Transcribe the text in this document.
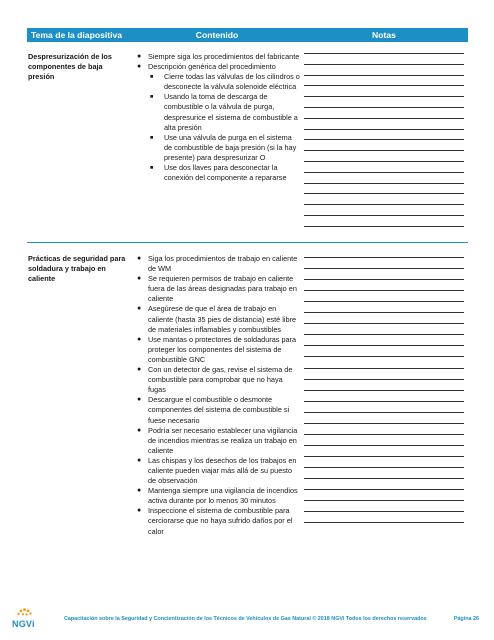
Tema de la diapositiva	Contenido	Notas
Despresurización de los componentes de baja presión
● Siempre siga los procedimientos del fabricante
● Descripción genérica del procedimiento
■ Cierre todas las válvulas de los cilindros o desconecte la válvula solenoide eléctrica
■ Usando la toma de descarga de combustible o la válvula de purga, despresurice el sistema de combustible a alta presión
■ Use una válvula de purga en el sistema de combustible de baja presión (si la hay presente) para despresurizar O
■ Use dos llaves para desconectar la conexión del componente a repararse
Prácticas de seguridad para soldadura y trabajo en caliente
● Siga los procedimientos de trabajo en caliente de WM
● Se requieren permisos de trabajo en caliente fuera de las áreas designadas para trabajo en caliente
● Asegúrese de que el área de trabajo en caliente (hasta 35 pies de distancia) esté libre de materiales inflamables y combustibles
● Use mantas o protectores de soldaduras para proteger los componentes del sistema de combustible GNC
● Con un detector de gas, revise el sistema de combustible para comprobar que no haya fugas
● Descargue el combustible o desmonte componentes del sistema de combustible si fuese necesario
● Podría ser necesario establecer una vigilancia de incendios mientras se realiza un trabajo en caliente
● Las chispas y los desechos de los trabajos en caliente pueden viajar más allá de su puesto de observación
● Mantenga siempre una vigilancia de incendios activa durante por lo menos 30 minutos
● Inspeccione el sistema de combustible para cerciorarse que no haya sufrido daños por el calor
NGVi	Capacitación sobre la Seguridad y Concientización de los Técnicos de Vehículos de Gas Natural © 2018 NGVi Todos los derechos reservados	Página 26
